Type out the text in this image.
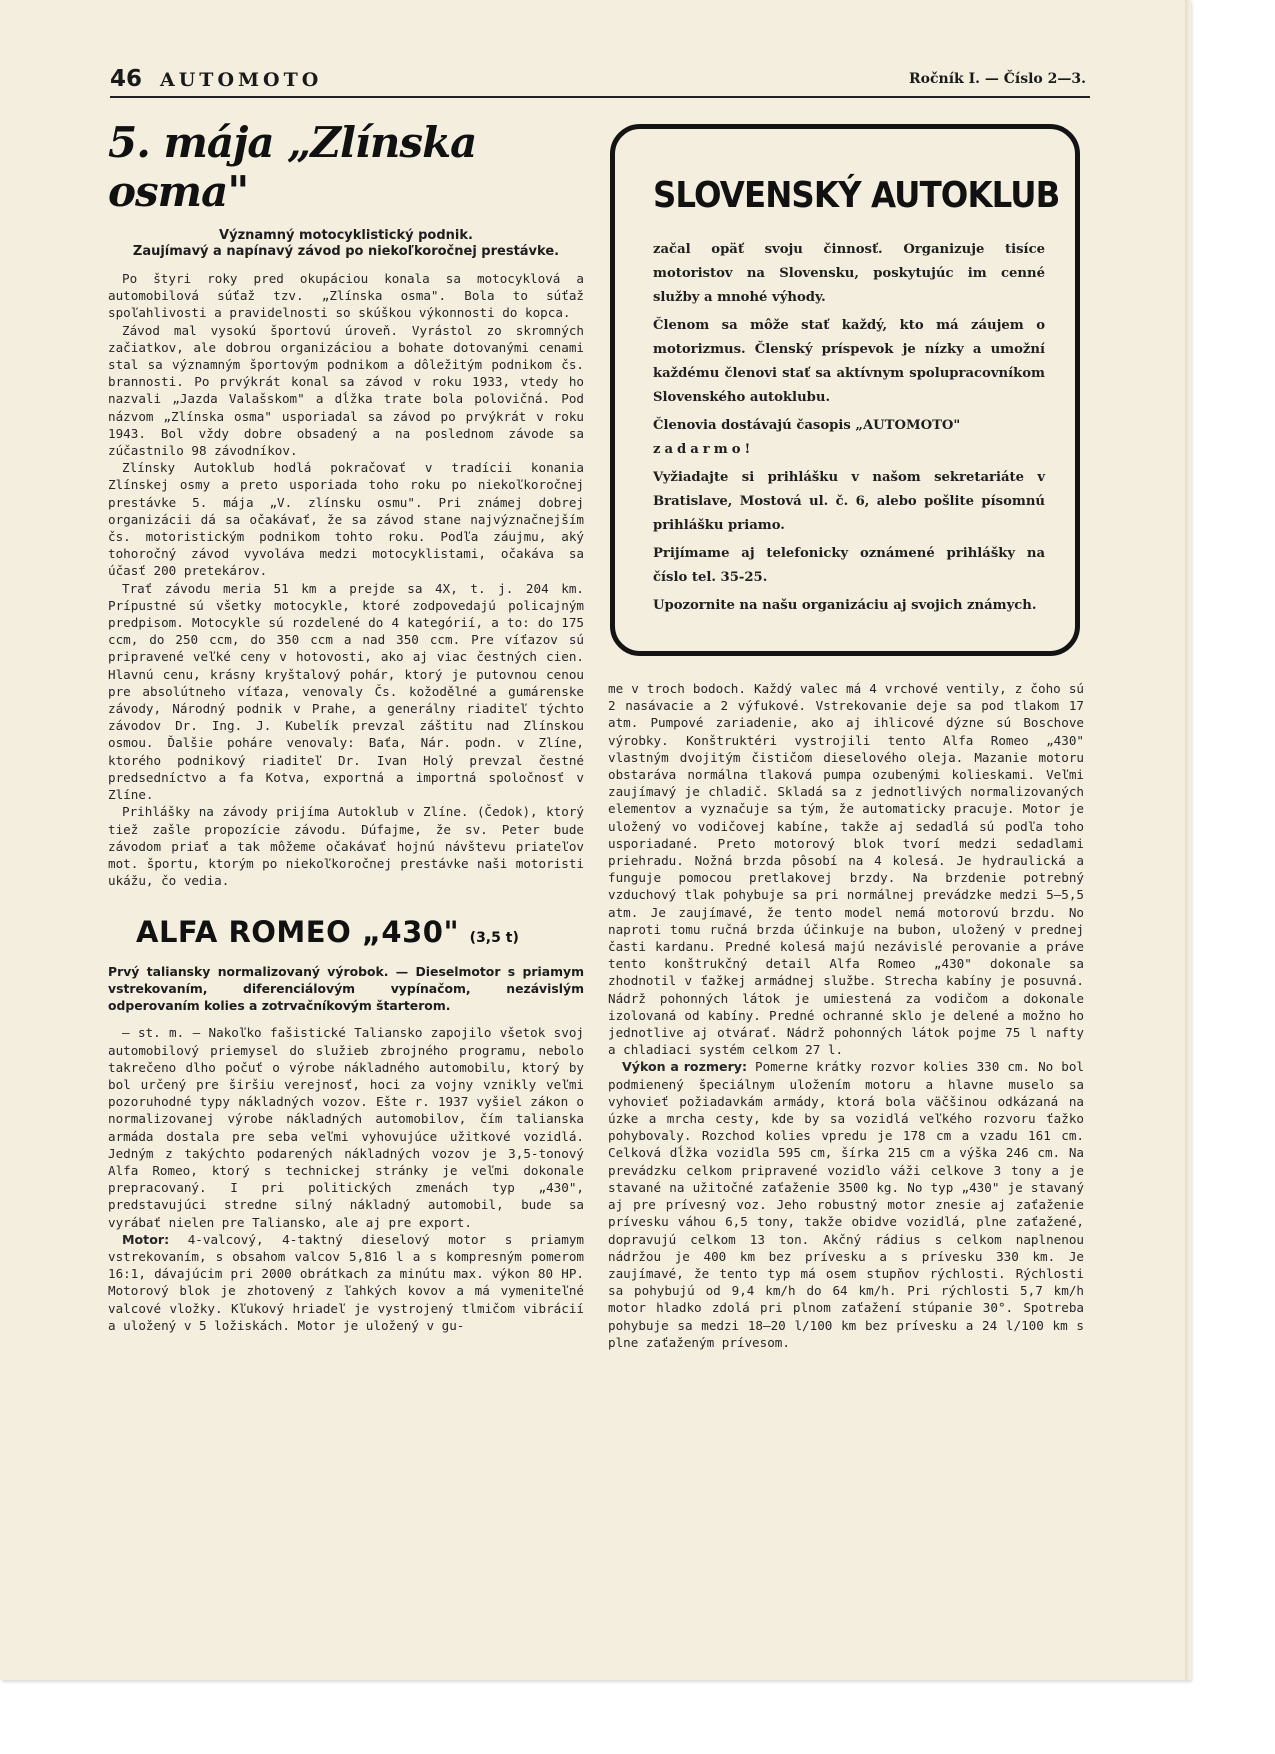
46 AUTOMOTO	Ročník I. — Číslo 2—3.
5. mája „Zlínska osma"
Významný motocyklistický podnik.
Zaujímavý a napínavý závod po niekoľkoročnej prestávke.

Po štyri roky pred okupáciou konala sa motocyklová a automobilová súťaž tzv. „Zlínska osma". Bola to súťaž spoľahlivosti a pravidelnosti so skúškou výkonnosti do kopca.

Závod mal vysokú športovú úroveň. Vyrástol zo skromných začiatkov, ale dobrou organizáciou a bohate dotovanými cenami stal sa významným športovým podnikom a dôležitým podnikom čs. brannosti. Po prvýkrát konal sa závod v roku 1933, vtedy ho nazvali „Jazda Valašskom" a dĺžka trate bola polovičná. Pod názvom „Zlínska osma" usporiadal sa závod po prvýkrát v roku 1943. Bol vždy dobre obsadený a na poslednom závode sa zúčastnilo 98 závodníkov.

Zlínsky Autoklub hodlá pokračovať v tradícii konania Zlínskej osmy a preto usporiada toho roku po niekoľkoročnej prestávke 5. mája „V. zlínsku osmu". Pri známej dobrej organizácii dá sa očakávať, že sa závod stane najvýznačnejším čs. motoristickým podnikom tohto roku. Podľa záujmu, aký tohoročný závod vyvoláva medzi motocyklistami, očakáva sa účasť 200 pretekárov.

Trať závodu meria 51 km a prejde sa 4X, t. j. 204 km. Prípustné sú všetky motocykle, ktoré zodpovedajú policajným predpisom. Motocykle sú rozdelené do 4 kategórií, a to: do 175 ccm, do 250 ccm, do 350 ccm a nad 350 ccm. Pre víťazov sú pripravené veľké ceny v hotovosti, ako aj viac čestných cien. Hlavnú cenu, krásny kryštalový pohár, ktorý je putovnou cenou pre absolútneho víťaza, venovaly Čs. kožodělné a gumárenske závody, Národný podnik v Prahe, a generálny riaditeľ týchto závodov Dr. Ing. J. Kubelík prevzal záštitu nad Zlínskou osmou. Ďalšie poháre venovaly: Baťa, Nár. podn. v Zlíne, ktorého podnikový riaditeľ Dr. Ivan Holý prevzal čestné predsedníctvo a fa Kotva, exportná a importná spoločnosť v Zlíne.

Prihlášky na závody prijíma Autoklub v Zlíne. (Čedok), ktorý tiež zašle propozície závodu. Dúfajme, že sv. Peter bude závodom priať a tak môžeme očakávať hojnú návštevu priateľov mot. športu, ktorým po niekoľkoročnej prestávke naši motoristi ukážu, čo vedia.

ALFA ROMEO „430" (3,5 t)
Prvý taliansky normalizovaný výrobok. — Dieselmotor s priamym vstrekovaním, diferenciálovým vypínačom, nezávislým odperovaním kolies a zotrvačníkovým štarterom.

— st. m. — Nakoľko fašistické Taliansko zapojilo všetok svoj automobilový priemysel do služieb zbrojného programu, nebolo takrečeno dlho počuť o výrobe nákladného automobilu, ktorý by bol určený pre širšiu verejnosť, hoci za vojny vznikly veľmi pozoruhodné typy nákladných vozov. Ešte r. 1937 vyšiel zákon o normalizovanej výrobe nákladných automobilov, čím talianska armáda dostala pre seba veľmi vyhovujúce užitkové vozidlá. Jedným z takýchto podarených nákladných vozov je 3,5-tonový Alfa Romeo, ktorý s technickej stránky je veľmi dokonale prepracovaný. I pri politických zmenách typ „430", predstavujúci stredne silný nákladný automobil, bude sa vyrábať nielen pre Taliansko, ale aj pre export.

Motor: 4-valcový, 4-taktný dieselový motor s priamym vstrekovaním, s obsahom valcov 5,816 l a s kompresným pomerom 16:1, dávajúcim pri 2000 obrátkach za minútu max. výkon 80 HP. Motorový blok je zhotovený z ľahkých kovov a má vymeniteľné valcové vložky. Kľukový hriadeľ je vystrojený tlmičom vibrácií a uložený v 5 ložiskách. Motor je uložený v gu-

SLOVENSKÝ AUTOKLUB

začal opäť svoju činnosť. Organizuje tisíce motoristov na Slovensku, poskytujúc im cenné služby a mnohé výhody.

Členom sa môže stať každý, kto má záujem o motorizmus. Členský príspevok je nízky a umožní každému členovi stať sa aktívnym spolupracovníkom Slovenského autoklubu.

Členovia dostávajú časopis „AUTOMOTO"
zadarmo!

Vyžiadajte si prihlášku v našom sekretariáte v Bratislave, Mostová ul. č. 6, alebo pošlite písomnú prihlášku priamo.

Prijímame aj telefonicky oznámené prihlášky na číslo tel. 35-25.

Upozornite na našu organizáciu aj svojich známych.

me v troch bodoch. Každý valec má 4 vrchové ventily, z čoho sú 2 nasávacie a 2 výfukové. Vstrekovanie deje sa pod tlakom 17 atm. Pumpové zariadenie, ako aj ihlicové dýzne sú Boschove výrobky. Konštruktéri vystrojili tento Alfa Romeo „430" vlastným dvojitým čističom dieselového oleja. Mazanie motoru obstaráva normálna tlaková pumpa ozubenými kolieskami. Veľmi zaujímavý je chladič. Skladá sa z jednotlivých normalizovaných elementov a vyznačuje sa tým, že automaticky pracuje. Motor je uložený vo vodičovej kabíne, takže aj sedadlá sú podľa toho usporiadané. Preto motorový blok tvorí medzi sedadlami priehradu. Nožná brzda pôsobí na 4 kolesá. Je hydraulická a funguje pomocou pretlakovej brzdy. Na brzdenie potrebný vzduchový tlak pohybuje sa pri normálnej prevádzke medzi 5—5,5 atm. Je zaujímavé, že tento model nemá motorovú brzdu. No naproti tomu ručná brzda účinkuje na bubon, uložený v prednej časti kardanu. Predné kolesá majú nezávislé perovanie a práve tento konštrukčný detail Alfa Romeo „430" dokonale sa zhodnotil v ťažkej armádnej službe. Strecha kabíny je posuvná. Nádrž pohonných látok je umiestená za vodičom a dokonale izolovaná od kabíny. Predné ochranné sklo je delené a možno ho jednotlive aj otvárať. Nádrž pohonných látok pojme 75 l nafty a chladiaci systém celkom 27 l.

Výkon a rozmery: Pomerne krátky rozvor kolies 330 cm. No bol podmienený špeciálnym uložením motoru a hlavne muselo sa vyhovieť požiadavkám armády, ktorá bola väčšinou odkázaná na úzke a mrcha cesty, kde by sa vozidlá veľkého rozvoru ťažko pohybovaly. Rozchod kolies vpredu je 178 cm a vzadu 161 cm. Celková dĺžka vozidla 595 cm, šírka 215 cm a výška 246 cm. Na prevádzku celkom pripravené vozidlo váži celkove 3 tony a je stavané na užitočné zaťaženie 3500 kg. No typ „430" je stavaný aj pre prívesný voz. Jeho robustný motor znesie aj zaťaženie prívesku váhou 6,5 tony, takže obidve vozidlá, plne zaťažené, dopravujú celkom 13 ton. Akčný rádius s celkom naplnenou nádržou je 400 km bez prívesku a s prívesku 330 km. Je zaujímavé, že tento typ má osem stupňov rýchlosti. Rýchlosti sa pohybujú od 9,4 km/h do 64 km/h. Pri rýchlosti 5,7 km/h motor hladko zdolá pri plnom zaťažení stúpanie 30°. Spotreba pohybuje sa medzi 18—20 l/100 km bez prívesku a 24 l/100 km s plne zaťaženým prívesom.
